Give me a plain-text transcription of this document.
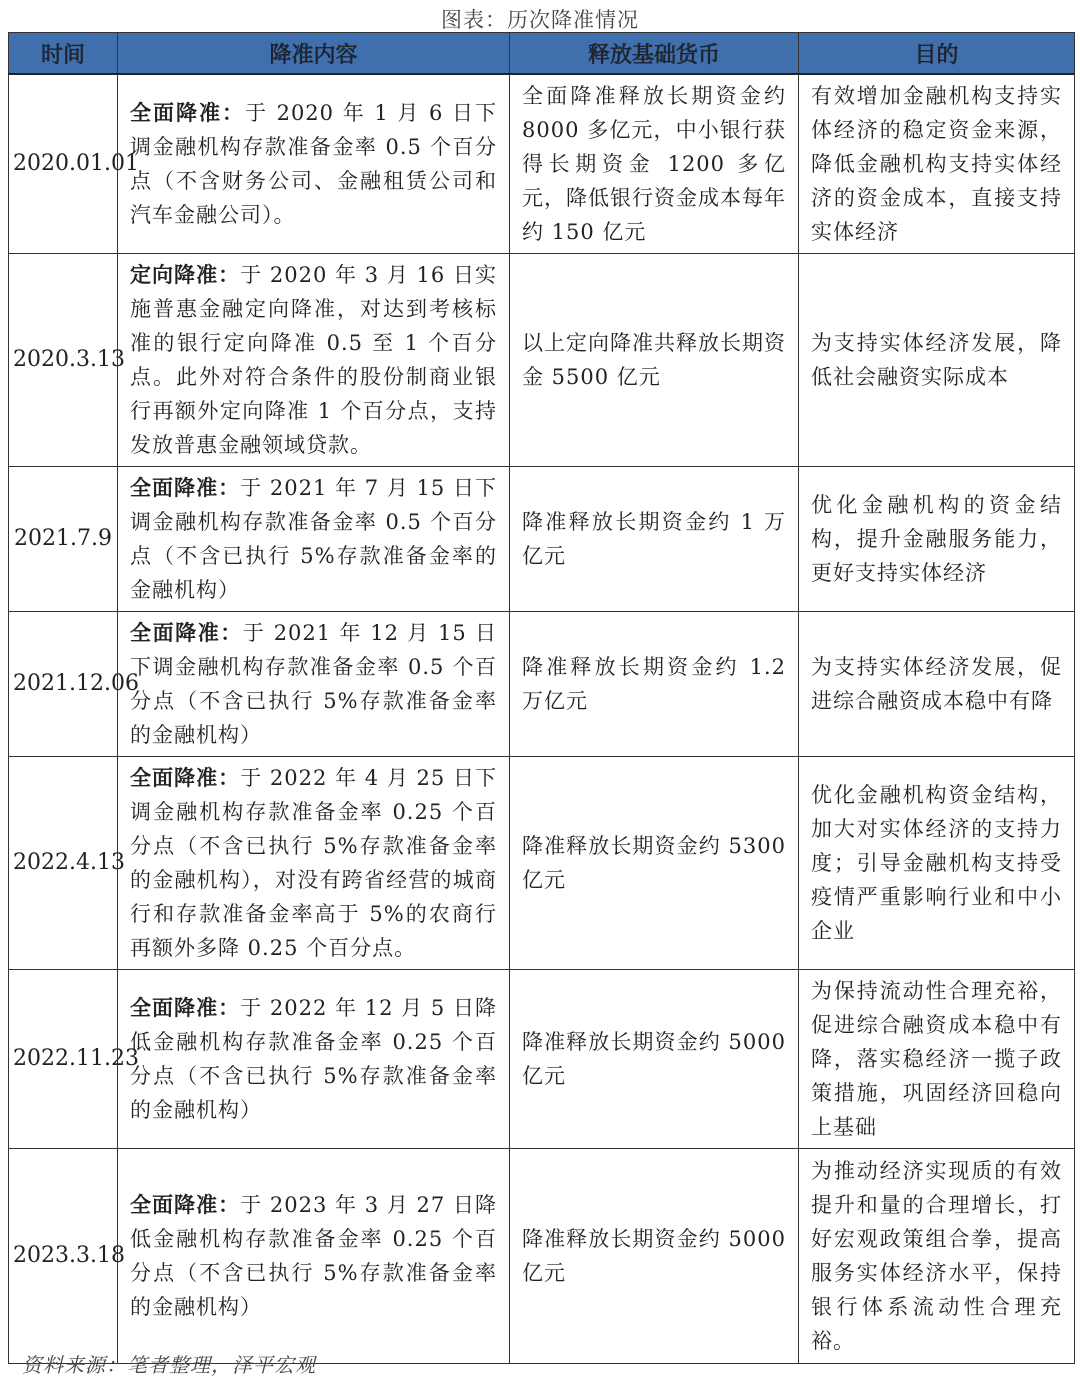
图表：历次降准情况
时间	降准内容	释放基础货币	目的
2020.01.01	全面降准：于 2020 年 1 月 6 日下调金融机构存款准备金率 0.5 个百分点（不含财务公司、金融租赁公司和汽车金融公司）。	全面降准释放长期资金约 8000 多亿元，中小银行获得长期资金 1200 多亿元，降低银行资金成本每年约 150 亿元	有效增加金融机构支持实体经济的稳定资金来源，降低金融机构支持实体经济的资金成本，直接支持实体经济
2020.3.13	定向降准：于 2020 年 3 月 16 日实施普惠金融定向降准，对达到考核标准的银行定向降准 0.5 至 1 个百分点。此外对符合条件的股份制商业银行再额外定向降准 1 个百分点，支持发放普惠金融领域贷款。	以上定向降准共释放长期资金 5500 亿元	为支持实体经济发展，降低社会融资实际成本
2021.7.9	全面降准：于 2021 年 7 月 15 日下调金融机构存款准备金率 0.5 个百分点（不含已执行 5%存款准备金率的金融机构）	降准释放长期资金约 1 万亿元	优化金融机构的资金结构，提升金融服务能力，更好支持实体经济
2021.12.06	全面降准：于 2021 年 12 月 15 日下调金融机构存款准备金率 0.5 个百分点（不含已执行 5%存款准备金率的金融机构）	降准释放长期资金约 1.2 万亿元	为支持实体经济发展，促进综合融资成本稳中有降
2022.4.13	全面降准：于 2022 年 4 月 25 日下调金融机构存款准备金率 0.25 个百分点（不含已执行 5%存款准备金率的金融机构），对没有跨省经营的城商行和存款准备金率高于 5%的农商行再额外多降 0.25 个百分点。	降准释放长期资金约 5300 亿元	优化金融机构资金结构，加大对实体经济的支持力度；引导金融机构支持受疫情严重影响行业和中小企业
2022.11.23	全面降准：于 2022 年 12 月 5 日降低金融机构存款准备金率 0.25 个百分点（不含已执行 5%存款准备金率的金融机构）	降准释放长期资金约 5000 亿元	为保持流动性合理充裕，促进综合融资成本稳中有降，落实稳经济一揽子政策措施，巩固经济回稳向上基础
2023.3.18	全面降准：于 2023 年 3 月 27 日降低金融机构存款准备金率 0.25 个百分点（不含已执行 5%存款准备金率的金融机构）	降准释放长期资金约 5000 亿元	为推动经济实现质的有效提升和量的合理增长，打好宏观政策组合拳，提高服务实体经济水平，保持银行体系流动性合理充裕。
资料来源：笔者整理，泽平宏观
